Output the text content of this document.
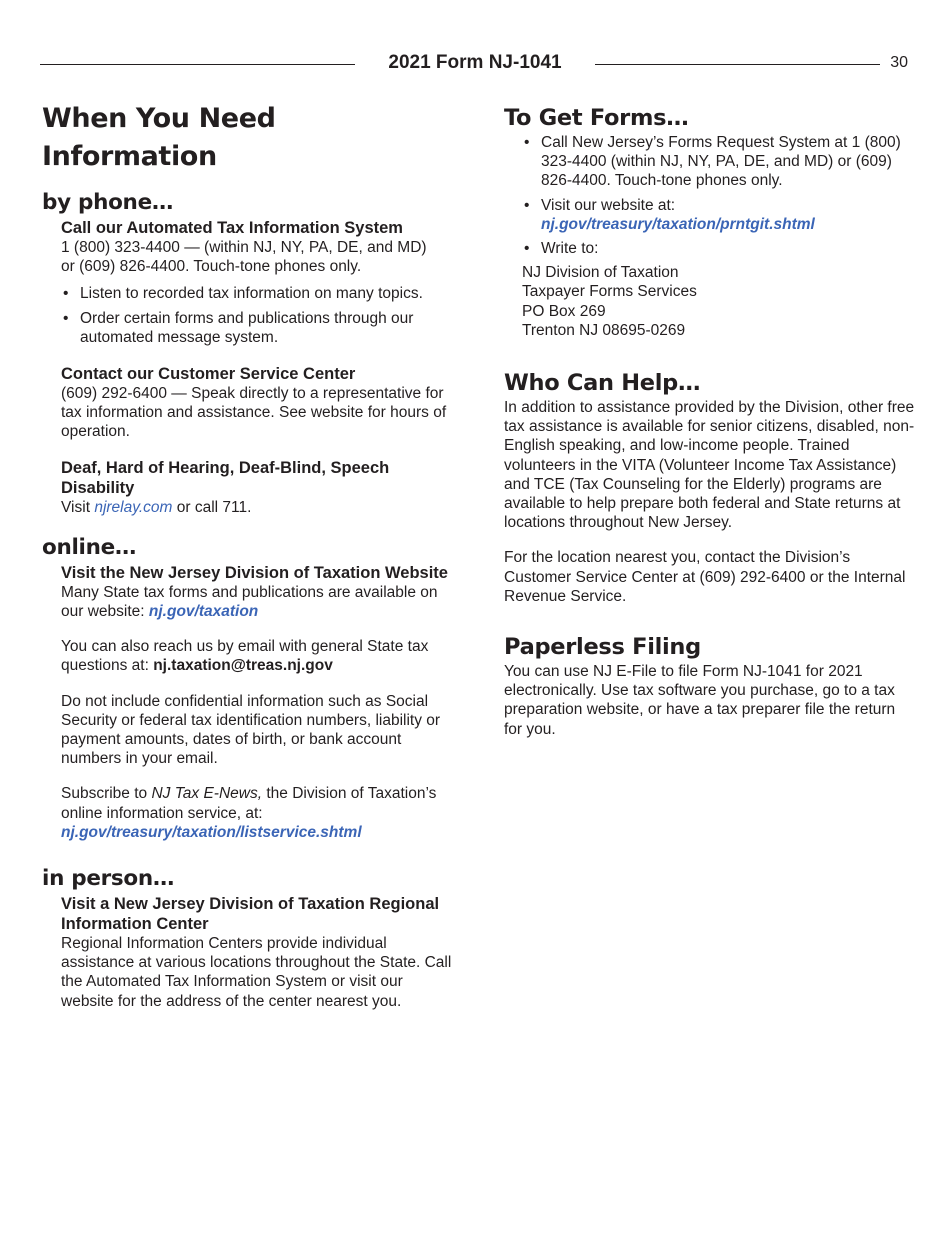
2021 Form NJ-1041	30
When You Need Information
by phone…
Call our Automated Tax Information System

1 (800) 323-4400 — (within NJ, NY, PA, DE, and MD)

or (609) 826-4400. Touch-tone phones only.

• Listen to recorded tax information on many topics.
• Order certain forms and publications through our automated message system.
Contact our Customer Service Center

(609) 292-6400 — Speak directly to a representative for tax information and assistance. See website for hours of operation.

Deaf, Hard of Hearing, Deaf-Blind, Speech Disability

Visit njrelay.com or call 711.

online…
Visit the New Jersey Division of Taxation Website

Many State tax forms and publications are available on our website: nj.gov/taxation

You can also reach us by email with general State tax questions at: nj.taxation@treas.nj.gov

Do not include confidential information such as Social Security or federal tax identification numbers, liability or payment amounts, dates of birth, or bank account numbers in your email.

Subscribe to NJ Tax E-News, the Division of Taxation’s online information service, at:
nj.gov/treasury/taxation/listservice.shtml

in person…
Visit a New Jersey Division of Taxation Regional Information Center

Regional Information Centers provide individual assistance at various locations throughout the State. Call the Automated Tax Information System or visit our website for the address of the center nearest you.

To Get Forms…
• Call New Jersey’s Forms Request System at 1 (800) 323-4400 (within NJ, NY, PA, DE, and MD) or (609) 826-4400. Touch-tone phones only.
• Visit our website at:
nj.gov/treasury/taxation/prntgit.shtml
• Write to:

NJ Division of Taxation

Taxpayer Forms Services

PO Box 269

Trenton NJ 08695-0269

Who Can Help…

In addition to assistance provided by the Division, other free tax assistance is available for senior citizens, disabled, non-English speaking, and low-income people. Trained volunteers in the VITA (Volunteer Income Tax Assistance) and TCE (Tax Counseling for the Elderly) programs are available to help prepare both federal and State returns at locations throughout New Jersey.

For the location nearest you, contact the Division’s Customer Service Center at (609) 292-6400 or the Internal Revenue Service.

Paperless Filing

You can use NJ E-File to file Form NJ-1041 for 2021 electronically. Use tax software you purchase, go to a tax preparation website, or have a tax preparer file the return for you.
